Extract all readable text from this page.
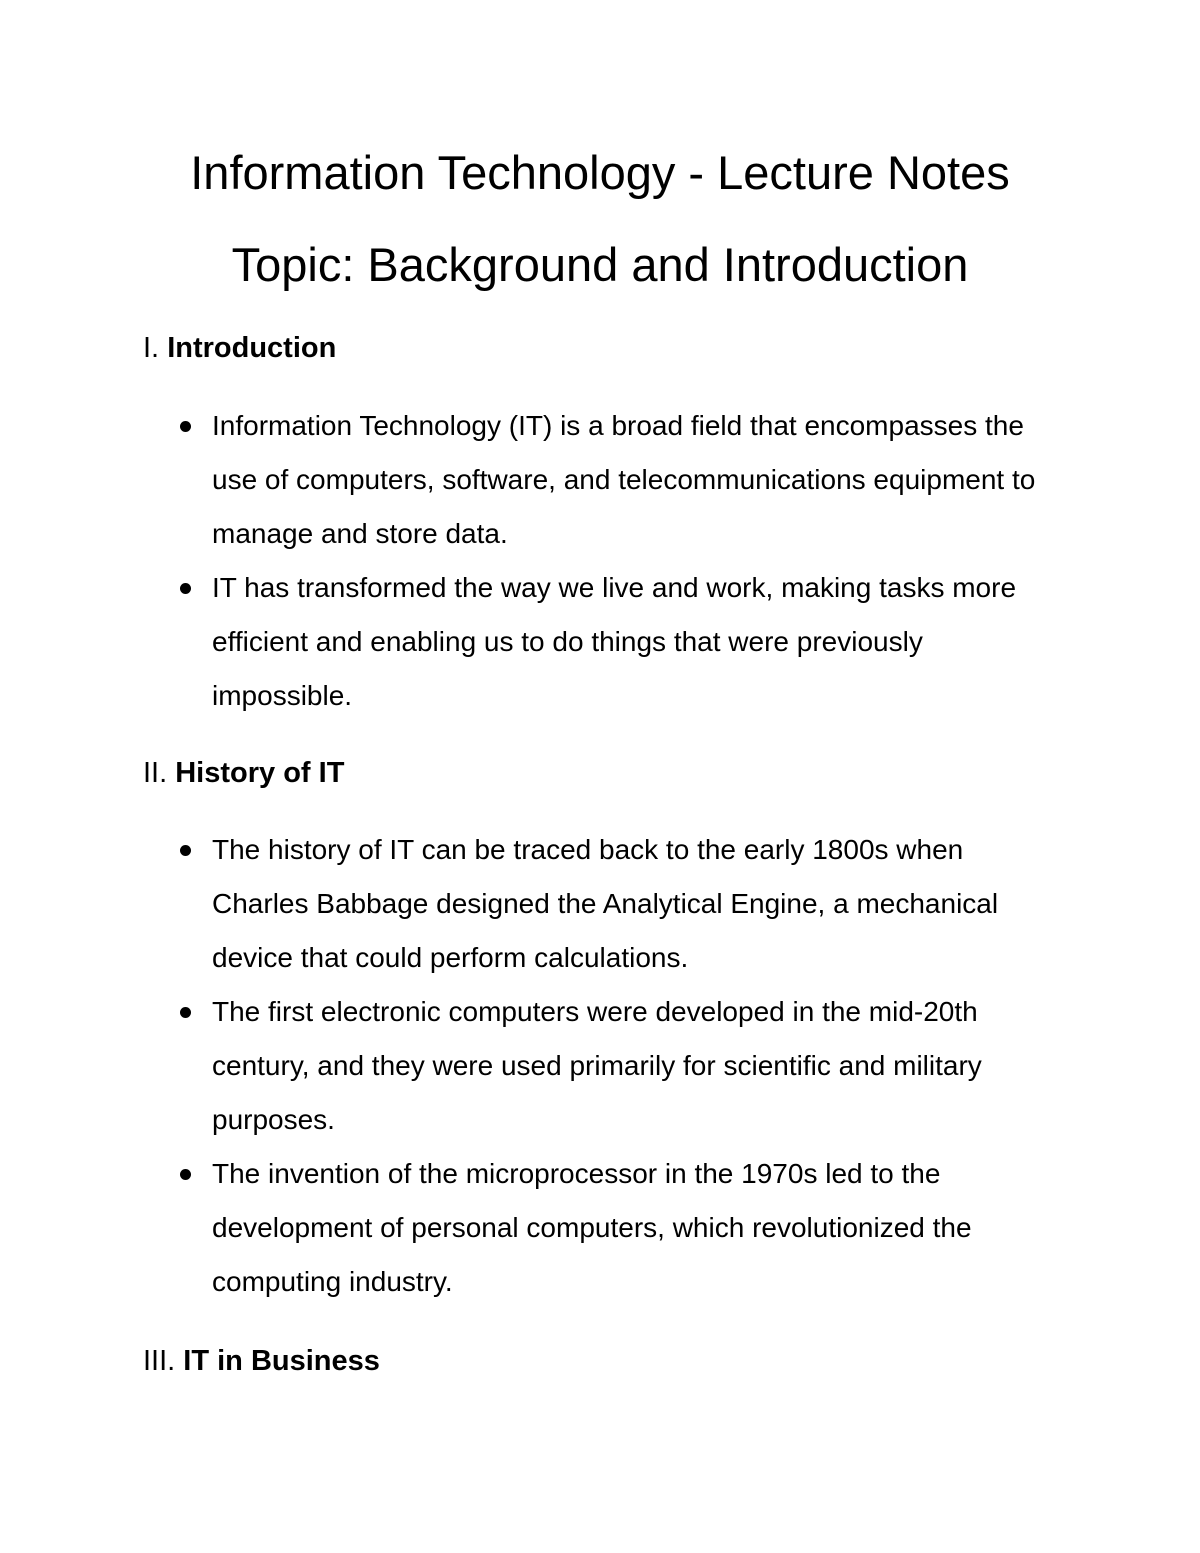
Information Technology - Lecture Notes
Topic: Background and Introduction
I. Introduction
Information Technology (IT) is a broad field that encompasses the use of computers, software, and telecommunications equipment to manage and store data.
IT has transformed the way we live and work, making tasks more efficient and enabling us to do things that were previously impossible.
II. History of IT
The history of IT can be traced back to the early 1800s when Charles Babbage designed the Analytical Engine, a mechanical device that could perform calculations.
The first electronic computers were developed in the mid-20th century, and they were used primarily for scientific and military purposes.
The invention of the microprocessor in the 1970s led to the development of personal computers, which revolutionized the computing industry.
III. IT in Business
